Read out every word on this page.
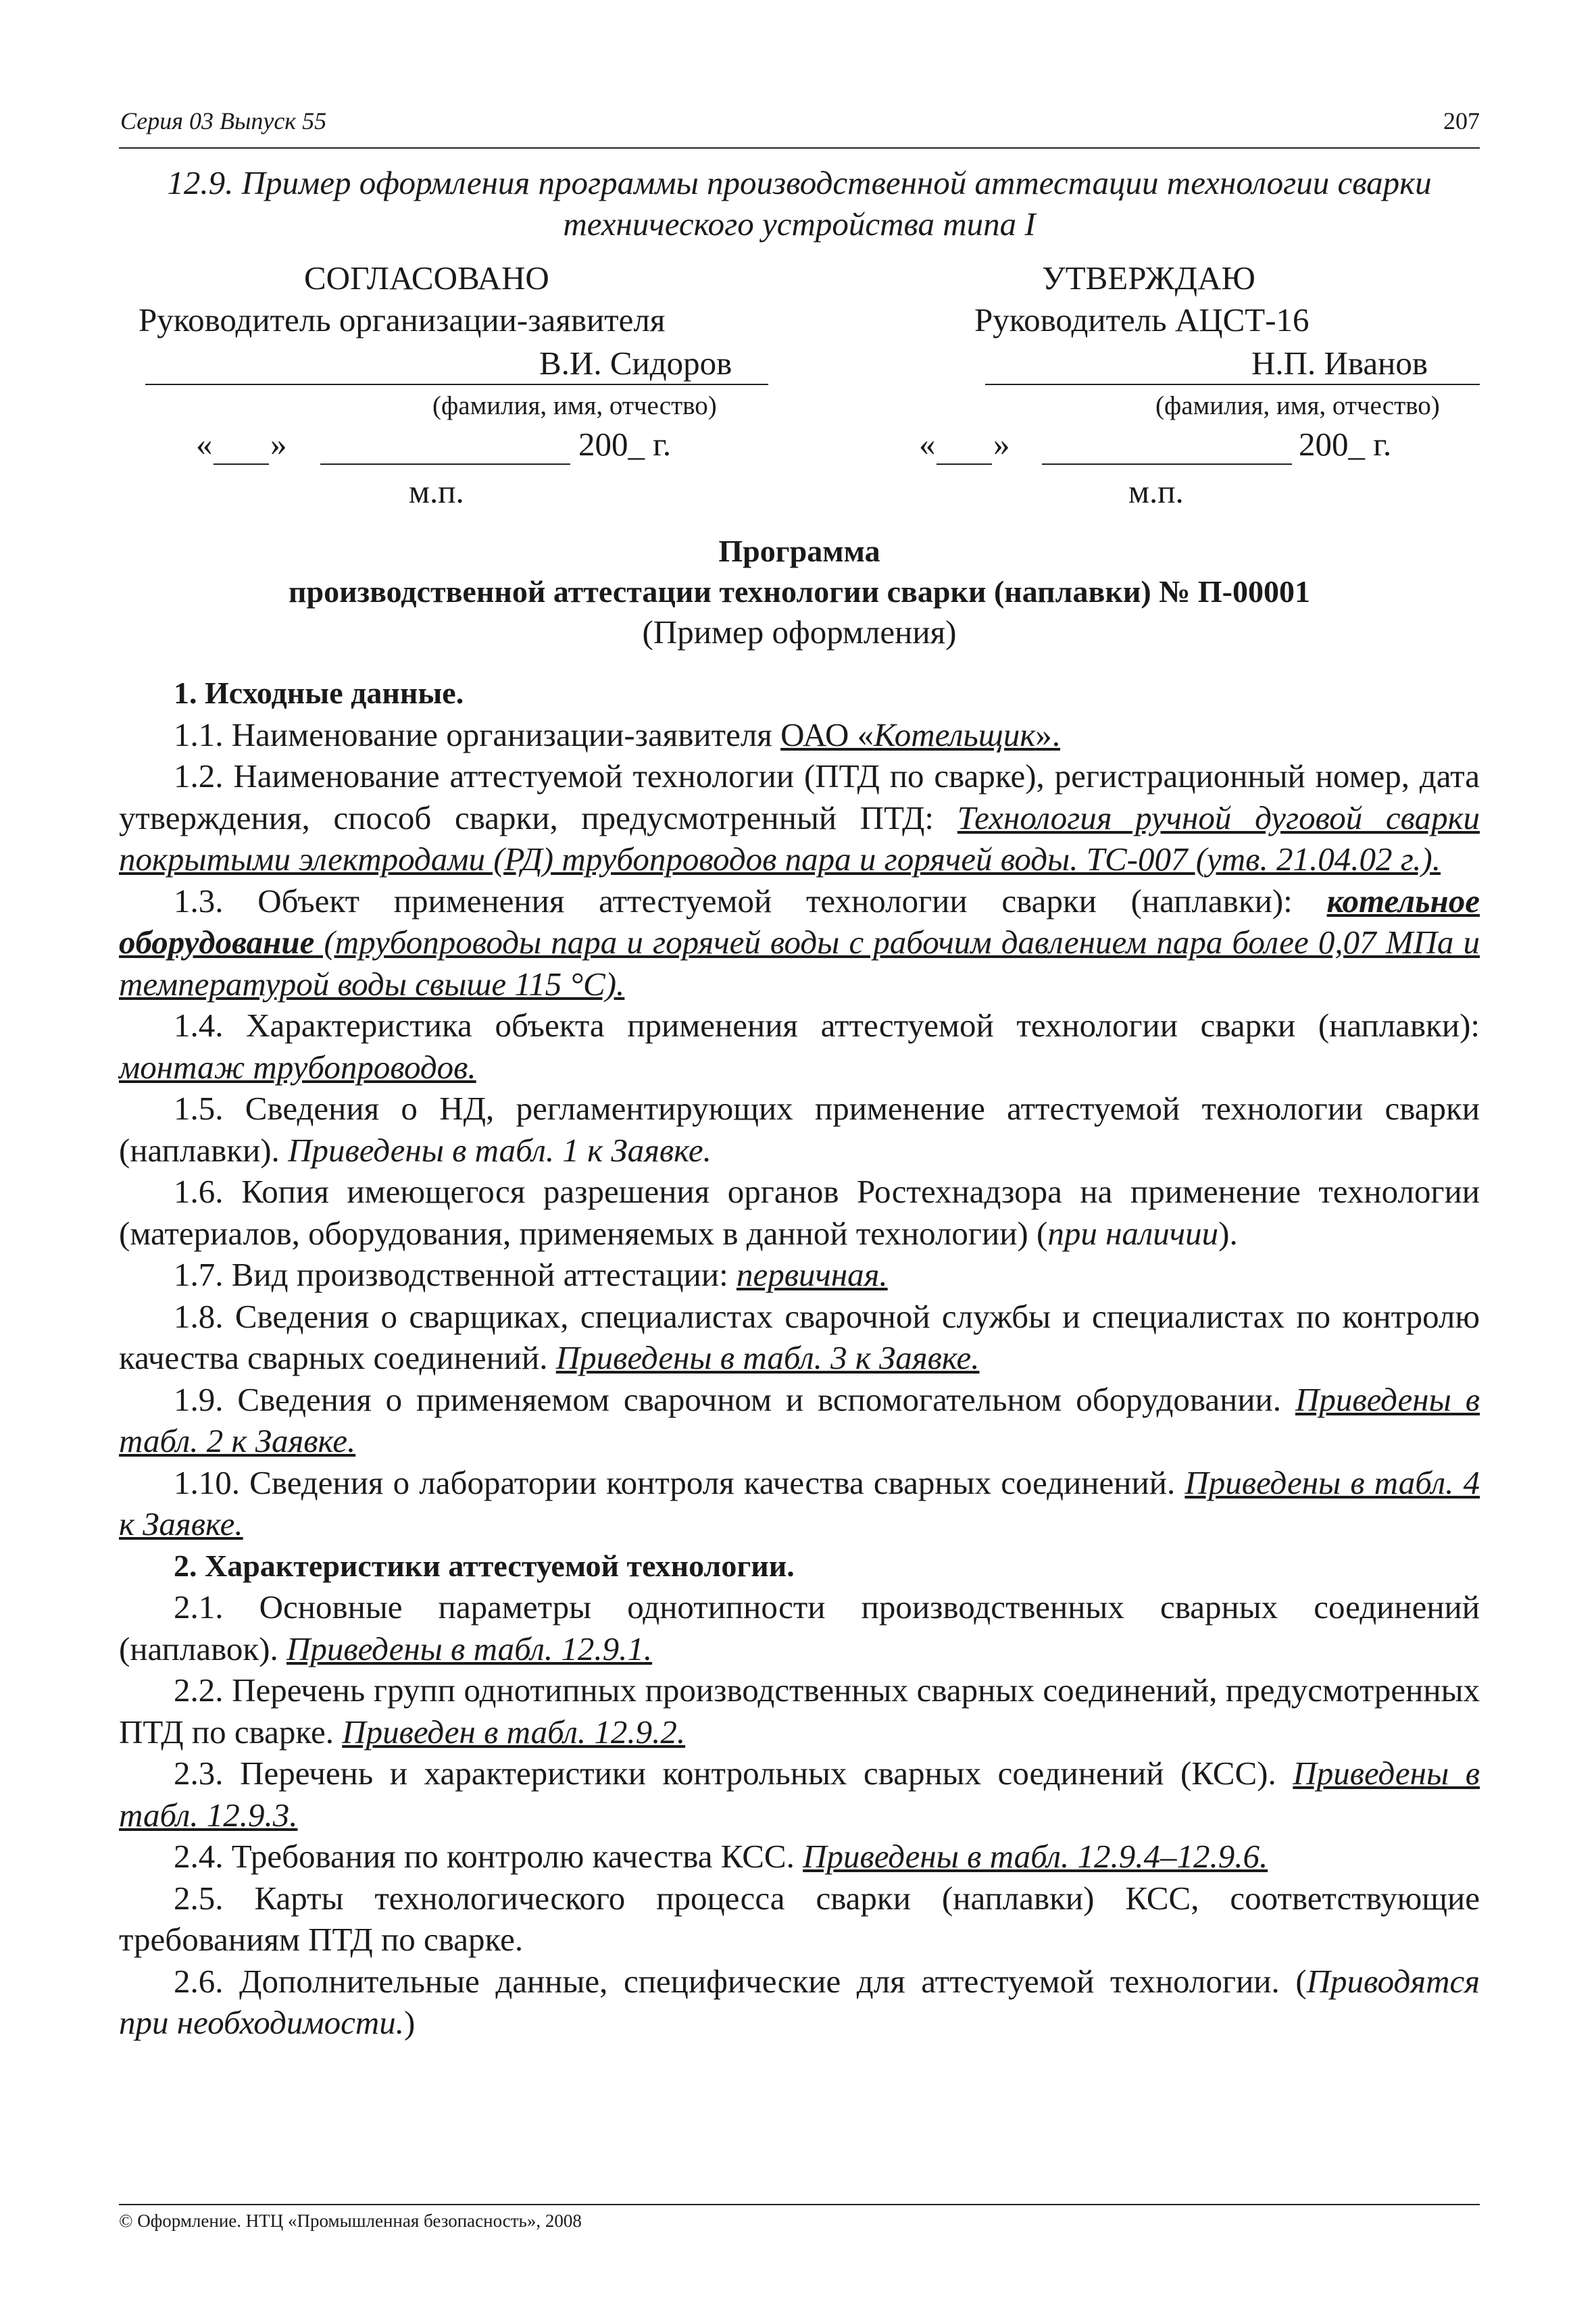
Серия 03 Выпуск 55	207
12.9. Пример оформления программы производственной аттестации технологии сварки
технического устройства типа I
СОГЛАСОВАНО
Руководитель организации-заявителя
В.И. Сидоров
(фамилия, имя, отчество)
« »	200_ г.
м.п.
УТВЕРЖДАЮ
Руководитель АЦСТ-16
Н.П. Иванов
(фамилия, имя, отчество)
« »	200_ г.
м.п.
Программа
производственной аттестации технологии сварки (наплавки) № П-00001
(Пример оформления)

1. Исходные данные.

1.1. Наименование организации-заявителя ОАО «Котельщик».

1.2. Наименование аттестуемой технологии (ПТД по сварке), регистрационный номер, дата утверждения, способ сварки, предусмотренный ПТД: Технология ручной дуговой сварки покрытыми электродами (РД) трубопроводов пара и горячей воды. ТС-007 (утв. 21.04.02 г.).

1.3. Объект применения аттестуемой технологии сварки (наплавки): котельное оборудование (трубопроводы пара и горячей воды с рабочим давлением пара более 0,07 МПа и температурой воды свыше 115 °С).

1.4. Характеристика объекта применения аттестуемой технологии сварки (наплавки): монтаж трубопроводов.

1.5. Сведения о НД, регламентирующих применение аттестуемой технологии сварки (наплавки). Приведены в табл. 1 к Заявке.

1.6. Копия имеющегося разрешения органов Ростехнадзора на применение технологии (материалов, оборудования, применяемых в данной технологии) (при наличии).

1.7. Вид производственной аттестации: первичная.

1.8. Сведения о сварщиках, специалистах сварочной службы и специалистах по контролю качества сварных соединений. Приведены в табл. 3 к Заявке.

1.9. Сведения о применяемом сварочном и вспомогательном оборудовании. Приведены в табл. 2 к Заявке.

1.10. Сведения о лаборатории контроля качества сварных соединений. Приведены в табл. 4 к Заявке.

2. Характеристики аттестуемой технологии.

2.1. Основные параметры однотипности производственных сварных соединений (наплавок). Приведены в табл. 12.9.1.

2.2. Перечень групп однотипных производственных сварных соединений, предусмотренных ПТД по сварке. Приведен в табл. 12.9.2.

2.3. Перечень и характеристики контрольных сварных соединений (КСС). Приведены в табл. 12.9.3.

2.4. Требования по контролю качества КСС. Приведены в табл. 12.9.4–12.9.6.

2.5. Карты технологического процесса сварки (наплавки) КСС, соответствующие требованиям ПТД по сварке.

2.6. Дополнительные данные, специфические для аттестуемой технологии. (Приводятся при необходимости.)

© Оформление. НТЦ «Промышленная безопасность», 2008
